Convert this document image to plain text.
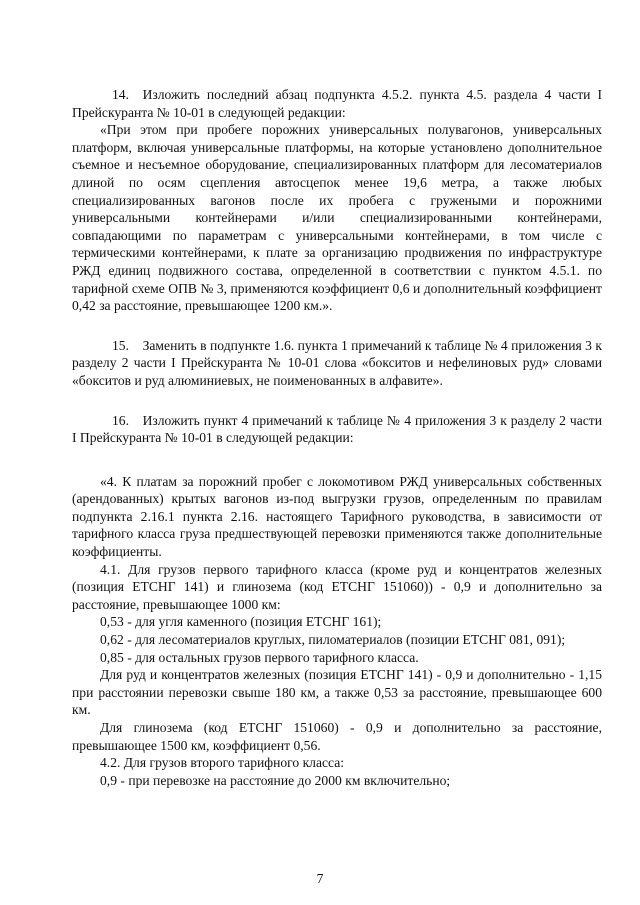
14. Изложить последний абзац подпункта 4.5.2. пункта 4.5. раздела 4 части I Прейскуранта № 10-01 в следующей редакции:

«При этом при пробеге порожних универсальных полувагонов, универсальных платформ, включая универсальные платформы, на которые установлено дополнительное съемное и несъемное оборудование, специализированных платформ для лесоматериалов длиной по осям сцепления автосцепок менее 19,6 метра, а также любых специализированных вагонов после их пробега с гружеными и порожними универсальными контейнерами и/или специализированными контейнерами, совпадающими по параметрам с универсальными контейнерами, в том числе с термическими контейнерами, к плате за организацию продвижения по инфраструктуре РЖД единиц подвижного состава, определенной в соответствии с пунктом 4.5.1. по тарифной схеме ОПВ № 3, применяются коэффициент 0,6 и дополнительный коэффициент 0,42 за расстояние, превышающее 1200 км.».

15. Заменить в подпункте 1.6. пункта 1 примечаний к таблице № 4 приложения 3 к разделу 2 части I Прейскуранта № 10-01 слова «бокситов и нефелиновых руд» словами «бокситов и руд алюминиевых, не поименованных в алфавите».

16. Изложить пункт 4 примечаний к таблице № 4 приложения 3 к разделу 2 части I Прейскуранта № 10-01 в следующей редакции:

«4. К платам за порожний пробег с локомотивом РЖД универсальных собственных (арендованных) крытых вагонов из-под выгрузки грузов, определенным по правилам подпункта 2.16.1 пункта 2.16. настоящего Тарифного руководства, в зависимости от тарифного класса груза предшествующей перевозки применяются также дополнительные коэффициенты.

4.1. Для грузов первого тарифного класса (кроме руд и концентратов железных (позиция ЕТСНГ 141) и глинозема (код ЕТСНГ 151060)) - 0,9 и дополнительно за расстояние, превышающее 1000 км:

0,53 - для угля каменного (позиция ЕТСНГ 161);

0,62 - для лесоматериалов круглых, пиломатериалов (позиции ЕТСНГ 081, 091);

0,85 - для остальных грузов первого тарифного класса.

Для руд и концентратов железных (позиция ЕТСНГ 141) - 0,9 и дополнительно - 1,15 при расстоянии перевозки свыше 180 км, а также 0,53 за расстояние, превышающее 600 км.

Для глинозема (код ЕТСНГ 151060) - 0,9 и дополнительно за расстояние, превышающее 1500 км, коэффициент 0,56.

4.2. Для грузов второго тарифного класса:

0,9 - при перевозке на расстояние до 2000 км включительно;

7
